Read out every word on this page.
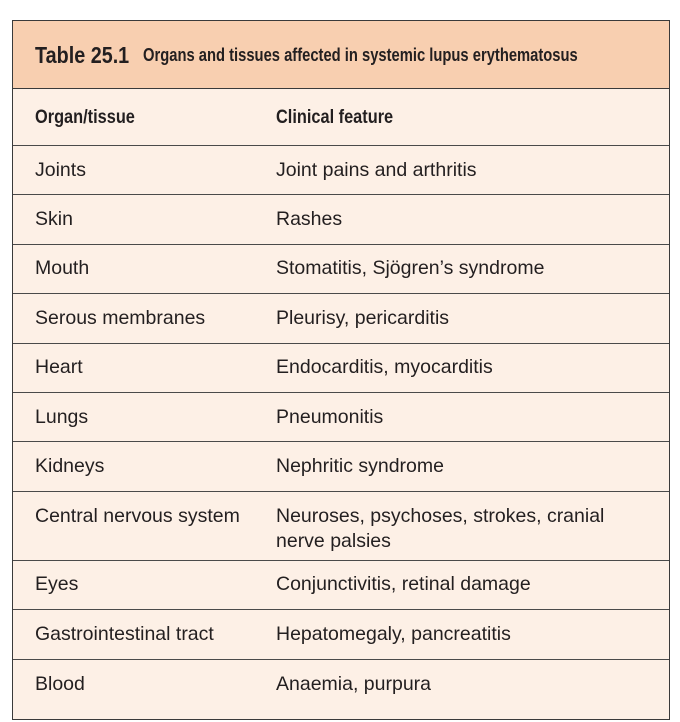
Table 25.1 Organs and tissues affected in systemic lupus erythematosus
Organ/tissue	Clinical feature
Joints	Joint pains and arthritis
Skin	Rashes
Mouth	Stomatitis, Sjögren’s syndrome
Serous membranes	Pleurisy, pericarditis
Heart	Endocarditis, myocarditis
Lungs	Pneumonitis
Kidneys	Nephritic syndrome
Central nervous system	Neuroses, psychoses, strokes, cranial nerve palsies
Eyes	Conjunctivitis, retinal damage
Gastrointestinal tract	Hepatomegaly, pancreatitis
Blood	Anaemia, purpura
